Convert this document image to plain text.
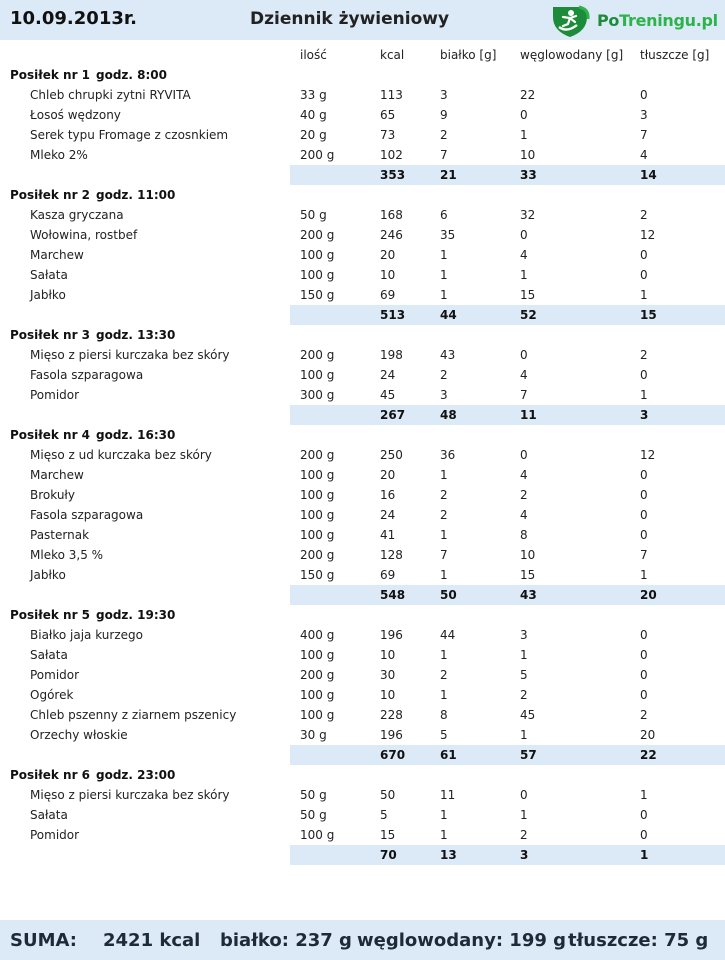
10.09.2013r.	Dziennik żywieniowy	PoTreningu.pl
ilość	kcal	białko [g] węglowodany [g] tłuszcze [g]
Posiłek nr 1 godz. 8:00
Chleb chrupki zytni RYVITA	33 g	113	3	22	0
Łosoś wędzony	40 g	65	9	0	3
Serek typu Fromage z czosnkiem	20 g	73	2	1	7
Mleko 2%	200 g	102	7	10	4
353	21	33	14
Posiłek nr 2 godz. 11:00
Kasza gryczana	50 g	168	6	32	2
Wołowina, rostbef	200 g	246	35	0	12
Marchew	100 g	20	1	4	0
Sałata	100 g	10	1	1	0
Jabłko	150 g	69	1	15	1
513	44	52	15
Posiłek nr 3 godz. 13:30
Mięso z piersi kurczaka bez skóry	200 g	198	43	0	2
Fasola szparagowa	100 g	24	2	4	0
Pomidor	300 g	45	3	7	1
267	48	11	3
Posiłek nr 4 godz. 16:30
Mięso z ud kurczaka bez skóry	200 g	250	36	0	12
Marchew	100 g	20	1	4	0
Brokuły	100 g	16	2	2	0
Fasola szparagowa	100 g	24	2	4	0
Pasternak	100 g	41	1	8	0
Mleko 3,5 %	200 g	128	7	10	7
Jabłko	150 g	69	1	15	1
548	50	43	20
Posiłek nr 5 godz. 19:30
Białko jaja kurzego	400 g	196	44	3	0
Sałata	100 g	10	1	1	0
Pomidor	200 g	30	2	5	0
Ogórek	100 g	10	1	2	0
Chleb pszenny z ziarnem pszenicy	100 g	228	8	45	2
Orzechy włoskie	30 g	196	5	1	20
670	61	57	22
Posiłek nr 6 godz. 23:00
Mięso z piersi kurczaka bez skóry	50 g	50	11	0	1
Sałata	50 g	5	1	1	0
Pomidor	100 g	15	1	2	0
70	13	3	1
SUMA: 2421 kcal białko: 237 g węglowodany: 199 g tłuszcze: 75 g
